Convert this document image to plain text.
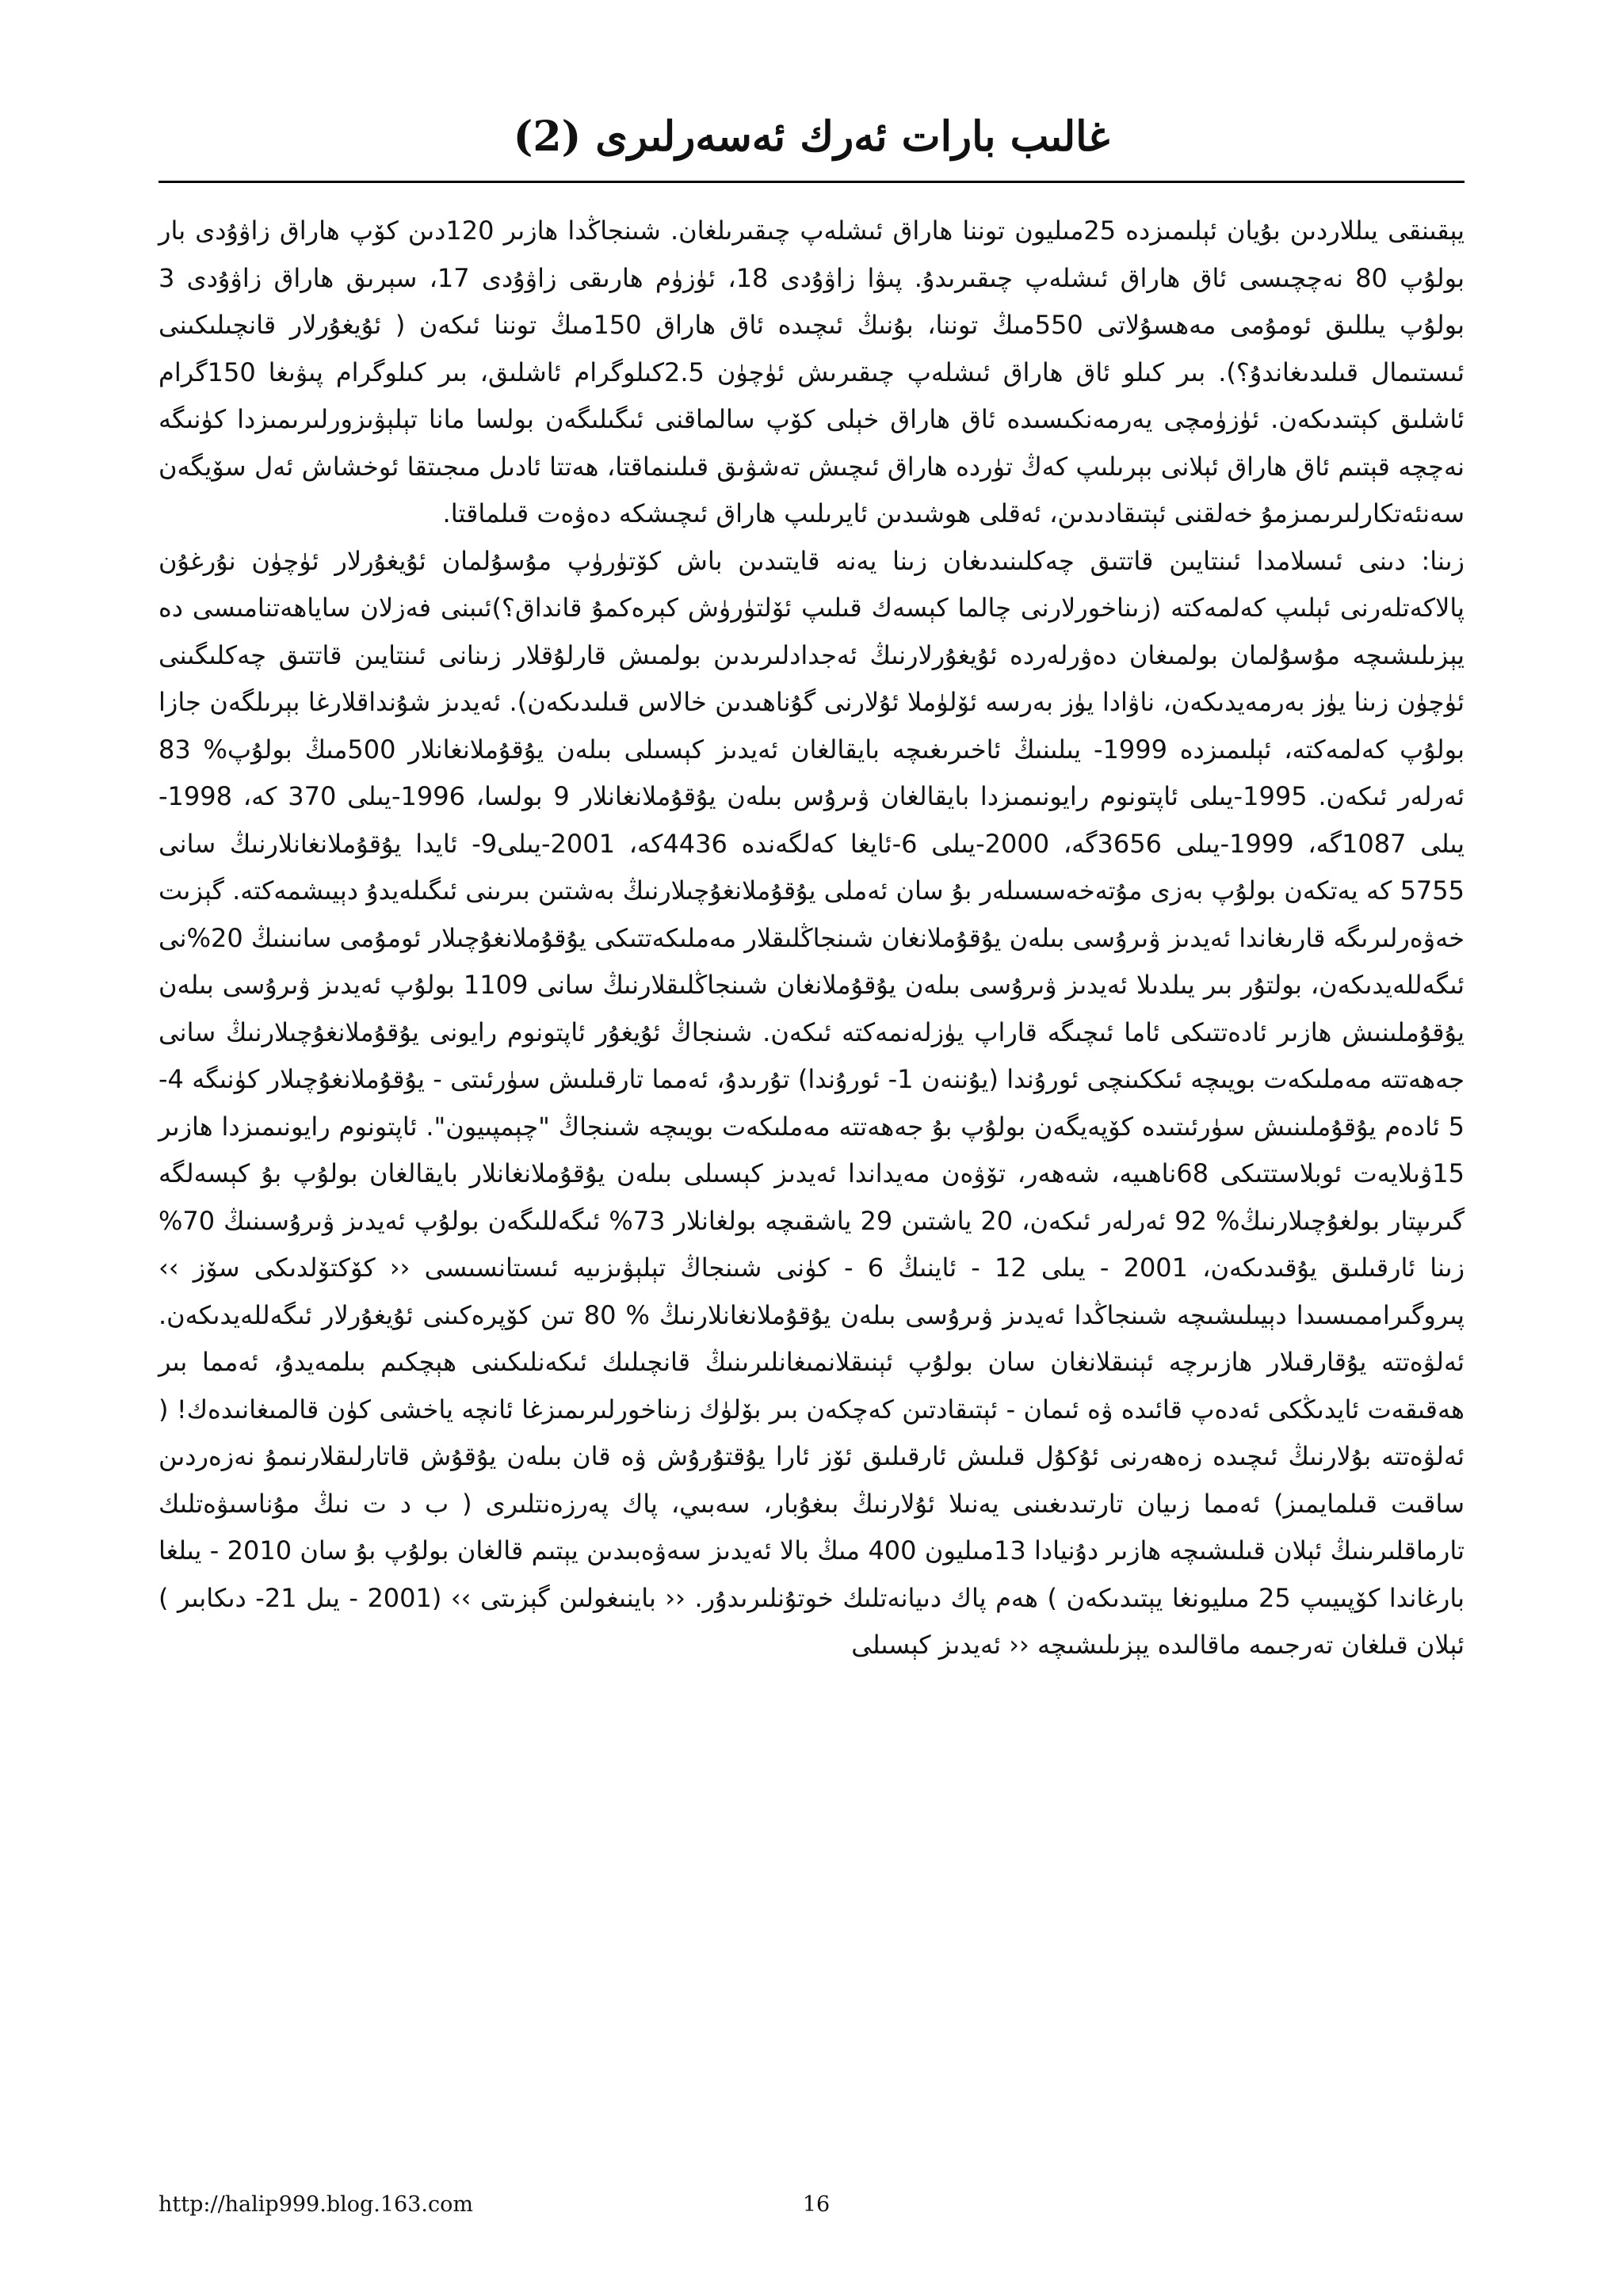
غالىب بارات ئەرك ئەسەرلىرى (2)

يېقىنقى يىللاردىن بۇيان ئېلىمىزدە 25مىليون توننا ھاراق ئىشلەپ چىقىرىلغان. شىنجاڭدا ھازىر 120دىن كۆپ ھاراق زاۋۇدى بار بولۇپ 80 نەچچىسى ئاق ھاراق ئىشلەپ چىقىرىدۇ. پىۋا زاۋۇدى 18، ئۈزۈم ھارىقى زاۋۇدى 17، سېرىق ھاراق زاۋۇدى 3 بولۇپ يىللىق ئومۇمى مەھسۇلاتى 550مىڭ توننا، بۇنىڭ ئىچىدە ئاق ھاراق 150مىڭ توننا ئىكەن ( ئۇيغۇرلار قانچىلىكىنى ئىستىمال قىلىدىغاندۇ؟). بىر كىلو ئاق ھاراق ئىشلەپ چىقىرىش ئۈچۈن 2.5كىلوگرام ئاشلىق، بىر كىلوگرام پىۋىغا 150گرام ئاشلىق كېتىدىكەن. ئۈزۈمچى يەرمەنكىسىدە ئاق ھاراق خېلى كۆپ سالماقنى ئىگىلىگەن بولسا مانا تېلېۋىزورلىرىمىزدا كۈنىگە نەچچە قېتىم ئاق ھاراق ئېلانى بېرىلىپ كەڭ تۈردە ھاراق ئىچىش تەشۋىق قىلىنماقتا، ھەتتا ئادىل مىجىتقا ئوخشاش ئەل سۆيگەن سەنئەتكارلىرىمىزمۇ خەلقنى ئېتىقادىدىن، ئەقلى ھوشىدىن ئايرىلىپ ھاراق ئىچىشكە دەۋەت قىلماقتا.

زىنا: دىنى ئىسلامدا ئىنتايىن قاتتىق چەكلىنىدىغان زىنا يەنە قايتىدىن باش كۆتۈرۈپ مۇسۇلمان ئۇيغۇرلار ئۈچۈن نۇرغۇن پالاكەتلەرنى ئېلىپ كەلمەكتە (زىناخورلارنى چالما كېسەك قىلىپ ئۆلتۈرۈش كېرەكمۇ قانداق؟)ئىبنى فەزلان ساياھەتنامىسى دە يېزىلىشىچە مۇسۇلمان بولمىغان دەۋرلەردە ئۇيغۇرلارنىڭ ئەجدادلىرىدىن بولمىش قارلۇقلار زىنانى ئىنتايىن قاتتىق چەكلىگىنى ئۈچۈن زىنا يۈز بەرمەيدىكەن، ناۋادا يۈز بەرسە ئۆلۈملا ئۇلارنى گۇناھىدىن خالاس قىلىدىكەن). ئەيدىز شۇنداقلارغا بېرىلگەن جازا بولۇپ كەلمەكتە، ئېلىمىزدە 1999- يىلىنىڭ ئاخىرىغىچە بايقالغان ئەيدىز كېسىلى بىلەن يۇقۇملانغانلار 500مىڭ بولۇپ% 83 ئەرلەر ئىكەن. 1995-يىلى ئاپتونوم رايونىمىزدا بايقالغان ۋىرۇس بىلەن يۇقۇملانغانلار 9 بولسا، 1996-يىلى 370 كە، 1998-يىلى 1087گە، 1999-يىلى 3656گە، 2000-يىلى 6-ئايغا كەلگەندە 4436كە، 2001-يىلى9- ئايدا يۇقۇملانغانلارنىڭ سانى 5755 كە يەتكەن بولۇپ بەزى مۇتەخەسسىلەر بۇ سان ئەملى يۇقۇملانغۇچىلارنىڭ بەشتىن بىرىنى ئىگىلەيدۇ دېيىشمەكتە. گېزىت خەۋەرلىرىگە قارىغاندا ئەيدىز ۋىرۇسى بىلەن يۇقۇملانغان شىنجاڭلىقلار مەملىكەتتىكى يۇقۇملانغۇچىلار ئومۇمى سانىنىڭ 20%نى ئىگەللەيدىكەن، بولتۇر بىر يىلدىلا ئەيدىز ۋىرۇسى بىلەن يۇقۇملانغان شىنجاڭلىقلارنىڭ سانى 1109 بولۇپ ئەيدىز ۋىرۇسى بىلەن يۇقۇملىنىش ھازىر ئادەتتىكى ئاما ئىچىگە قاراپ يۈزلەنمەكتە ئىكەن. شىنجاڭ ئۇيغۇر ئاپتونوم رايونى يۇقۇملانغۇچىلارنىڭ سانى جەھەتتە مەملىكەت بويىچە ئىككىنچى ئورۇندا (يۇننەن 1- ئورۇندا) تۇرىدۇ، ئەمما تارقىلىش سۈرئىتى - يۇقۇملانغۇچىلار كۈنىگە 4- 5 ئادەم يۇقۇملىنىش سۈرئىتىدە كۆپەيگەن بولۇپ بۇ جەھەتتە مەملىكەت بويىچە شىنجاڭ "چېمپىيون". ئاپتونوم رايونىمىزدا ھازىر 15ۋىلايەت ئوبلاستتىكى 68ناھىيە، شەھەر، تۆۋەن مەيداندا ئەيدىز كېسىلى بىلەن يۇقۇملانغانلار بايقالغان بولۇپ بۇ كېسەلگە گىرىپتار بولغۇچىلارنىڭ% 92 ئەرلەر ئىكەن، 20 ياشتىن 29 ياشقىچە بولغانلار 73% ئىگەللىگەن بولۇپ ئەيدىز ۋىرۇسىنىڭ 70% زىنا ئارقىلىق يۇقىدىكەن، 2001 - يىلى 12 - ئاينىڭ 6 - كۈنى شىنجاڭ تېلېۋىزىيە ئىستانسىسى ‹‹ كۆكتۆلدىكى سۆز ›› پىروگىراممىسىدا دېيىلىشىچە شىنجاڭدا ئەيدىز ۋىرۇسى بىلەن يۇقۇملانغانلارنىڭ % 80 تىن كۆپرەكىنى ئۇيغۇرلار ئىگەللەيدىكەن. ئەلۋەتتە يۇقارقىلار ھازىرچە ئېنىقلانغان سان بولۇپ ئېنىقلانمىغانلىرىنىڭ قانچىلىك ئىكەنلىكىنى ھېچكىم بىلمەيدۇ، ئەمما بىر ھەقىقەت ئايدىڭكى ئەدەپ قائىدە ۋە ئىمان - ئېتىقادتىن كەچكەن بىر بۆلۈك زىناخورلىرىمىزغا ئانچە ياخشى كۈن قالمىغانىدەك! ( ئەلۋەتتە بۇلارنىڭ ئىچىدە زەھەرنى ئۇكۇل قىلىش ئارقىلىق ئۆز ئارا يۇقتۇرۇش ۋە قان بىلەن يۇقۇش قاتارلىقلارنىمۇ نەزەردىن ساقىت قىلمايمىز) ئەمما زىيان تارتىدىغىنى يەنىلا ئۇلارنىڭ بىغۇبار، سەبىي، پاك پەرزەنتلىرى ( ب د ت نىڭ مۇناسىۋەتلىك تارماقلىرىنىڭ ئېلان قىلىشىچە ھازىر دۇنيادا 13مىليون 400 مىڭ بالا ئەيدىز سەۋەبىدىن يېتىم قالغان بولۇپ بۇ سان 2010 - يىلغا بارغاندا كۆپىيىپ 25 مىليونغا يېتىدىكەن ) ھەم پاك دىيانەتلىك خوتۇنلىرىدۇر. ‹‹ باينىغولىن گېزىتى ›› (2001 - يىل 21- دىكابىر ) ئېلان قىلغان تەرجىمە ماقالىدە يېزىلىشىچە ‹‹ ئەيدىز كېسىلى

http://halip999.blog.163.com	16
